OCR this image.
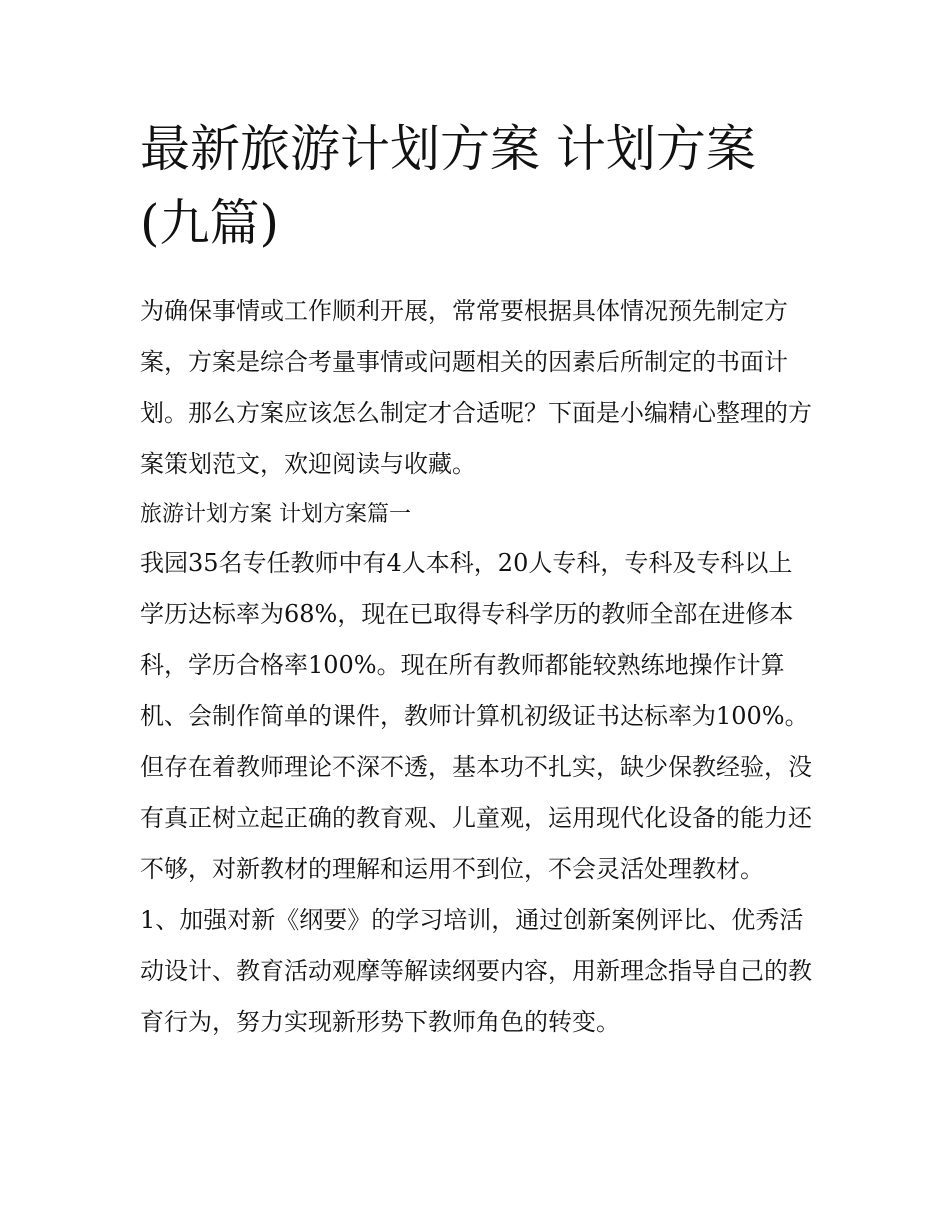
最新旅游计划方案 计划方案(九篇)

为确保事情或工作顺利开展，常常要根据具体情况预先制定方案，方案是综合考量事情或问题相关的因素后所制定的书面计划。那么方案应该怎么制定才合适呢？下面是小编精心整理的方案策划范文，欢迎阅读与收藏。

旅游计划方案 计划方案篇一

我园35名专任教师中有4人本科，20人专科，专科及专科以上学历达标率为68%，现在已取得专科学历的教师全部在进修本科，学历合格率100%。现在所有教师都能较熟练地操作计算机、会制作简单的课件，教师计算机初级证书达标率为100%。但存在着教师理论不深不透，基本功不扎实，缺少保教经验，没有真正树立起正确的教育观、儿童观，运用现代化设备的能力还不够，对新教材的理解和运用不到位，不会灵活处理教材。

1、加强对新《纲要》的学习培训，通过创新案例评比、优秀活动设计、教育活动观摩等解读纲要内容，用新理念指导自己的教育行为，努力实现新形势下教师角色的转变。
